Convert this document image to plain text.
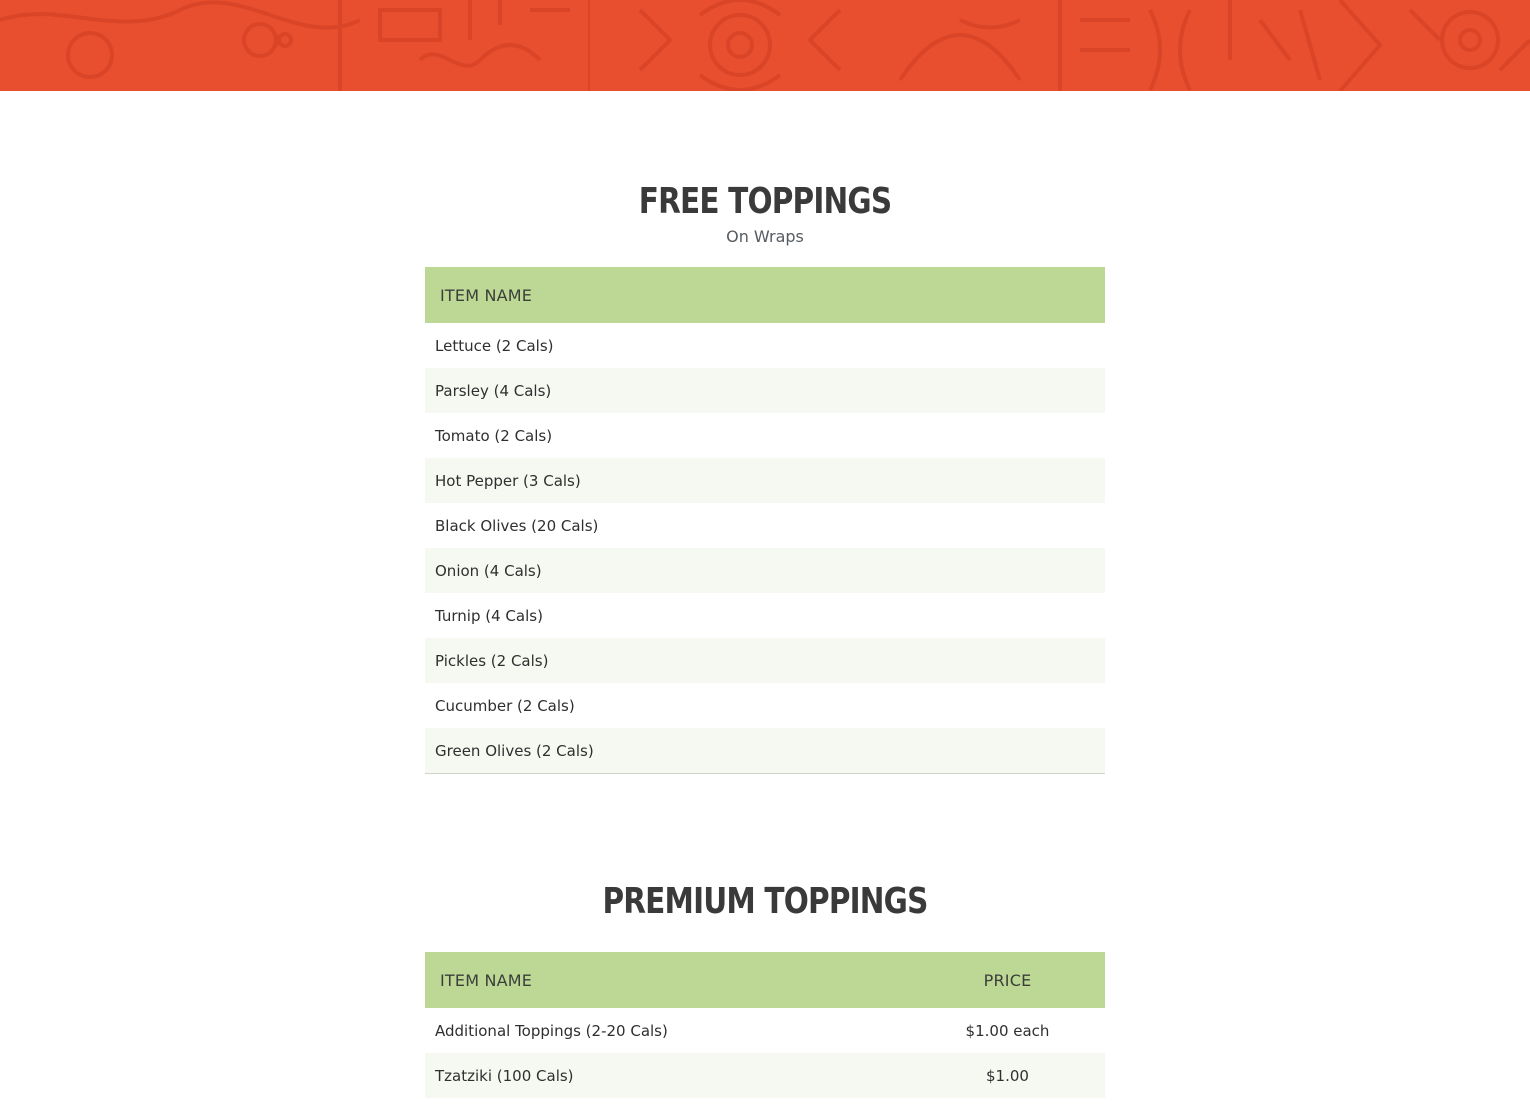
FREE TOPPINGS

On Wraps

ITEM NAME
Lettuce (2 Cals)
Parsley (4 Cals)
Tomato (2 Cals)
Hot Pepper (3 Cals)
Black Olives (20 Cals)
Onion (4 Cals)
Turnip (4 Cals)
Pickles (2 Cals)
Cucumber (2 Cals)
Green Olives (2 Cals)
PREMIUM TOPPINGS
ITEM NAME	PRICE
Additional Toppings (2-20 Cals)	$1.00 each
Tzatziki (100 Cals)	$1.00
